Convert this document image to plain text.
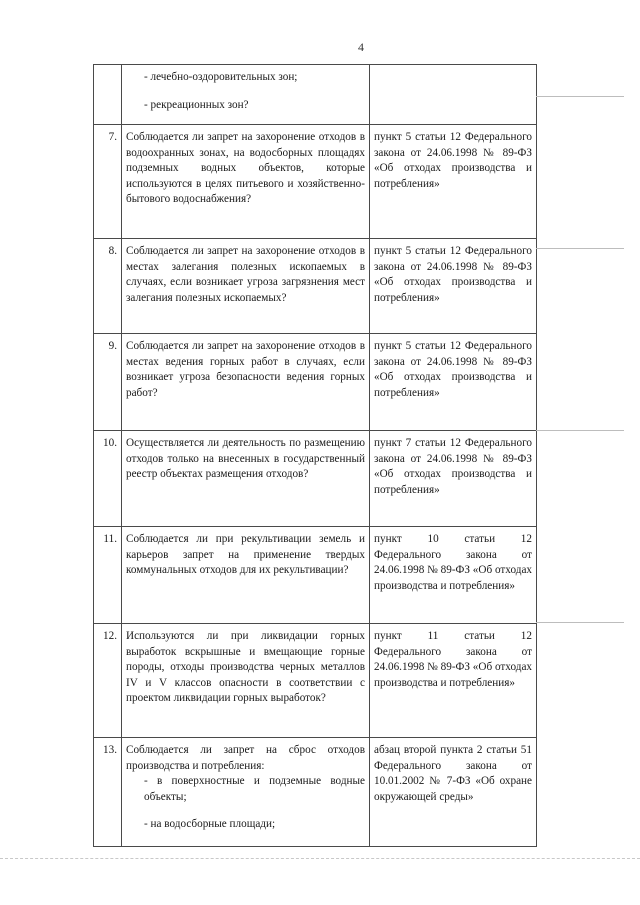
4

	- лечебно-оздоровительных зон;
- рекреационных зон?	

7.	Соблюдается ли запрет на захоронение отходов в водоохранных зонах, на водосборных площадях подземных водных объектов, которые используются в целях питьевого и хозяйственно-бытового водоснабжения?	пункт 5 статьи 12 Федерального закона от 24.06.1998 № 89-ФЗ «Об отходах производства и потребления»
8.	Соблюдается ли запрет на захоронение отходов в местах залегания полезных ископаемых в случаях, если возникает угроза загрязнения мест залегания полезных ископаемых?	пункт 5 статьи 12 Федерального закона от 24.06.1998 № 89-ФЗ «Об отходах производства и потребления»
9.	Соблюдается ли запрет на захоронение отходов в местах ведения горных работ в случаях, если возникает угроза безопасности ведения горных работ?	пункт 5 статьи 12 Федерального закона от 24.06.1998 № 89-ФЗ «Об отходах производства и потребления»
10.	Осуществляется ли деятельность по размещению отходов только на внесенных в государственный реестр объектах размещения отходов?	пункт 7 статьи 12 Федерального закона от 24.06.1998 № 89-ФЗ «Об отходах производства и потребления»
11.	Соблюдается ли при рекультивации земель и карьеров запрет на применение твердых коммунальных отходов для их рекультивации?	пункт 10 статьи 12 Федерального закона от 24.06.1998 № 89-ФЗ «Об отходах производства и потребления»
12.	Используются ли при ликвидации горных выработок вскрышные и вмещающие горные породы, отходы производства черных металлов IV и V классов опасности в соответствии с проектом ликвидации горных выработок?	пункт 11 статьи 12 Федерального закона от 24.06.1998 № 89-ФЗ «Об отходах производства и потребления»
13.	Соблюдается ли запрет на сброс отходов производства и потребления:
- в поверхностные и подземные водные объекты;
- на водосборные площади;	абзац второй пункта 2 статьи 51 Федерального закона от 10.01.2002 № 7-ФЗ «Об охране окружающей среды»
